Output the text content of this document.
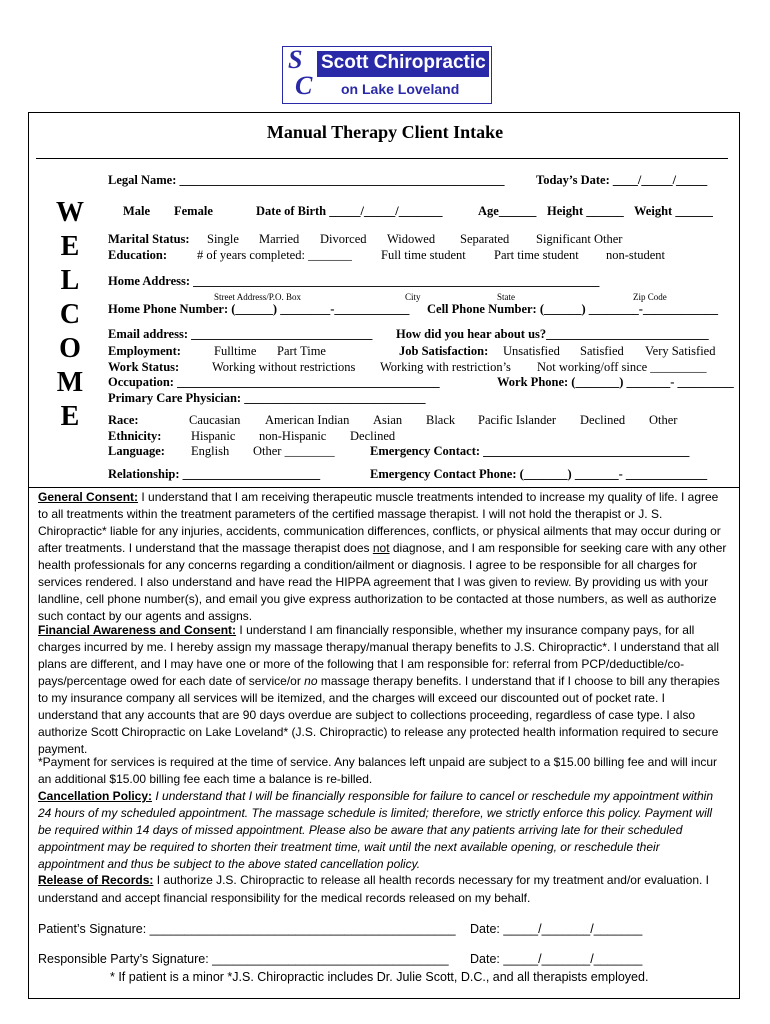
S
C
Scott Chiropractic
on Lake Loveland
Manual Therapy Client Intake
W
E
L
C
O
M
E
Legal Name: ____________________________________________________	Today’s Date: ____/_____/_____
Male Female	Date of Birth _____/_____/_______	Age______ Height ______ Weight ______
Marital Status: Single Married Divorced Widowed Separated Significant Other
Education: # of years completed: _______ Full time student Part time student non-student
Home Address: _________________________________________________________________
Street Address/P.O. Box	City	State	Zip Code
Home Phone Number: (______) ________-____________ Cell Phone Number: (______) ________-____________
Email address: _____________________________ How did you hear about us?__________________________
Employment:	Fulltime Part Time	Job Satisfaction: Unsatisfied Satisfied Very Satisfied
Work Status:	Working without restrictions Working with restriction’s Not working/off since _________
Occupation: __________________________________________	Work Phone: (_______) _______- _________
Primary Care Physician: _____________________________
Race:	Caucasian American Indian Asian Black Pacific Islander Declined Other
Ethnicity: Hispanic non-Hispanic Declined
Language: English Other ________	Emergency Contact: _________________________________
Relationship: ______________________	Emergency Contact Phone: (_______) _______- _____________
General Consent: I understand that I am receiving therapeutic muscle treatments intended to increase my quality of life. I agree to all treatments within the treatment parameters of the certified massage therapist. I will not hold the therapist or J. S. Chiropractic* liable for any injuries, accidents, communication differences, conflicts, or physical ailments that may occur during or after treatments. I understand that the massage therapist does not diagnose, and I am responsible for seeking care with any other health professionals for any concerns regarding a condition/ailment or diagnosis. I agree to be responsible for all charges for services rendered. I also understand and have read the HIPPA agreement that I was given to review. By providing us with your landline, cell phone number(s), and email you give express authorization to be contacted at those numbers, as well as authorize such contact by our agents and assigns.
Financial Awareness and Consent: I understand I am financially responsible, whether my insurance company pays, for all charges incurred by me. I hereby assign my massage therapy/manual therapy benefits to J.S. Chiropractic*. I understand that all plans are different, and I may have one or more of the following that I am responsible for: referral from PCP/deductible/co-pays/percentage owed for each date of service/or no massage therapy benefits. I understand that if I choose to bill any therapies to my insurance company all services will be itemized, and the charges will exceed our discounted out of pocket rate. I understand that any accounts that are 90 days overdue are subject to collections proceeding, regardless of case type. I also authorize Scott Chiropractic on Lake Loveland* (J.S. Chiropractic) to release any protected health information required to secure payment.
*Payment for services is required at the time of service. Any balances left unpaid are subject to a $15.00 billing fee and will incur an additional $15.00 billing fee each time a balance is re-billed.
Cancellation Policy: I understand that I will be financially responsible for failure to cancel or reschedule my appointment within 24 hours of my scheduled appointment. The massage schedule is limited; therefore, we strictly enforce this policy. Payment will be required within 14 days of missed appointment. Please also be aware that any patients arriving late for their scheduled appointment may be required to shorten their treatment time, wait until the next available opening, or reschedule their appointment and thus be subject to the above stated cancellation policy.
Release of Records: I authorize J.S. Chiropractic to release all health records necessary for my treatment and/or evaluation. I understand and accept financial responsibility for the medical records released on my behalf.
Patient’s Signature: ____________________________________________ Date: _____/_______/_______
Responsible Party’s Signature: __________________________________ Date: _____/_______/_______
* If patient is a minor *J.S. Chiropractic includes Dr. Julie Scott, D.C., and all therapists employed.
